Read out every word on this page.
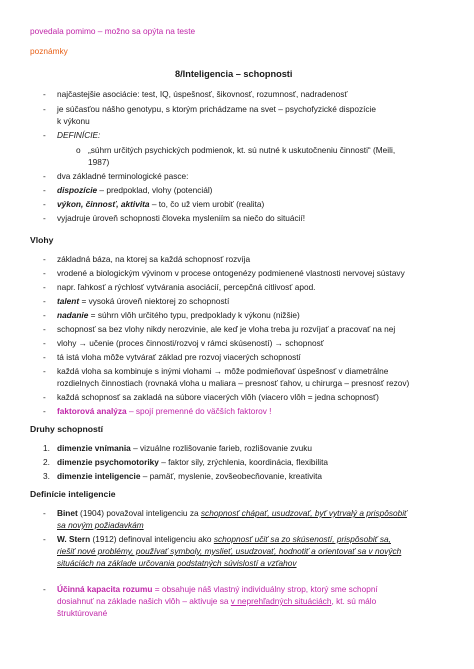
povedala pomimo – možno sa opýta na teste

poznámky

8/Inteligencia – schopnosti

- najčastejšie asociácie: test, IQ, úspešnosť, šikovnosť, rozumnosť, nadradenosť

- je súčasťou nášho genotypu, s ktorým prichádzame na svet – psychofyzické dispozície

k výkonu

- DEFINÍCIE:

o „súhrn určitých psychických podmienok, kt. sú nutné k uskutočneniu činnosti“ (Meili,

1987)

- dva základné terminologické pasce:

- dispozície – predpoklad, vlohy (potenciál)

- výkon, činnosť, aktivita – to, čo už viem urobiť (realita)

- vyjadruje úroveň schopnosti človeka mysleniím sa niečo do situácií!

Vlohy

- základná báza, na ktorej sa každá schopnosť rozvíja

- vrodené a biologickým vývinom v procese ontogenézy podmienené vlastnosti nervovej sústavy

- napr. ľahkosť a rýchlosť vytvárania asociácií, percepčná citlivosť apod.

- talent = vysoká úroveň niektorej zo schopností

- nadanie = súhrn vlôh určitého typu, predpoklady k výkonu (nižšie)

- schopnosť sa bez vlohy nikdy nerozvinie, ale keď je vloha treba ju rozvíjať a pracovať na nej

- vlohy → učenie (proces činnosti/rozvoj v rámci skúseností) → schopnosť

- tá istá vloha môže vytvárať základ pre rozvoj viacerých schopností

- každá vloha sa kombinuje s inými vlohami → môže podmieňovať úspešnosť v diametrálne

rozdielnych činnostiach (rovnaká vloha u maliara – presnosť ťahov, u chirurga – presnosť rezov)

- každá schopnosť sa zakladá na súbore viacerých vlôh (viacero vlôh = jedna schopnosť)

- faktorová analýza – spojí premenné do väčších faktorov !

Druhy schopností

1. dimenzie vnímania – vizuálne rozlišovanie farieb, rozlišovanie zvuku

2. dimenzie psychomotoriky – faktor sily, zrýchlenia, koordinácia, flexibilita

3. dimenzie inteligencie – pamäť, myslenie, zovšeobecňovanie, kreativita

Definície inteligencie

- Binet (1904) považoval inteligenciu za schopnosť chápať, usudzovať, byť vytrvalý a prispôsobiť

sa novým požiadavkám

- W. Stern (1912) definoval inteligenciu ako schopnosť učiť sa zo skúseností, prispôsobiť sa,

riešiť nové problémy, používať symboly, myslieť, usudzovať, hodnotiť a orientovať sa v nových

situáciách na základe určovania podstatných súvislostí a vzťahov

- Účinná kapacita rozumu = obsahuje náš vlastný individuálny strop, ktorý sme schopní

dosiahnuť na základe našich vlôh – aktivuje sa v neprehľadných situáciách, kt. sú málo

štruktúrované
